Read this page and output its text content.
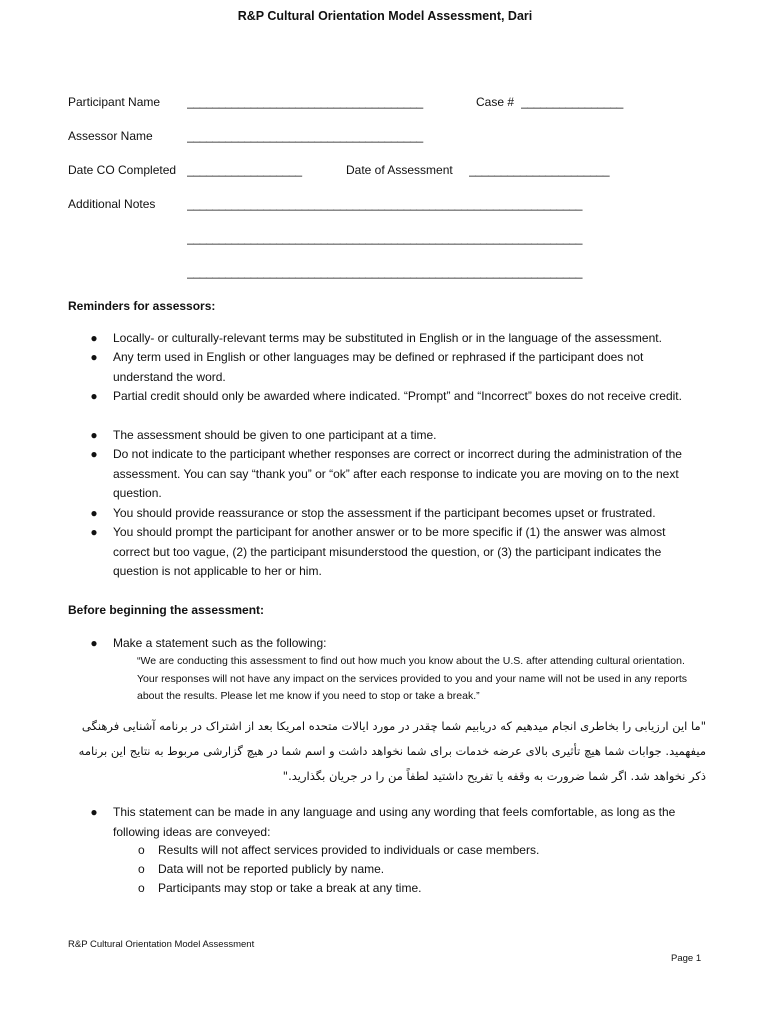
R&P Cultural Orientation Model Assessment, Dari
Participant Name _____________________________________	Case # ________________
Assessor Name	_____________________________________
Date CO Completed __________________	Date of Assessment ______________________
Additional Notes	______________________________________________________________
______________________________________________________________
______________________________________________________________
Reminders for assessors:
● Locally- or culturally-relevant terms may be substituted in English or in the language of the assessment.
● Any term used in English or other languages may be defined or rephrased if the participant does not understand the word.
● Partial credit should only be awarded where indicated. “Prompt” and “Incorrect” boxes do not receive credit.
● The assessment should be given to one participant at a time.
● Do not indicate to the participant whether responses are correct or incorrect during the administration of the assessment. You can say “thank you” or “ok” after each response to indicate you are moving on to the next question.
● You should provide reassurance or stop the assessment if the participant becomes upset or frustrated.
● You should prompt the participant for another answer or to be more specific if (1) the answer was almost correct but too vague, (2) the participant misunderstood the question, or (3) the participant indicates the question is not applicable to her or him.
Before beginning the assessment:
● Make a statement such as the following:
“We are conducting this assessment to find out how much you know about the U.S. after attending cultural orientation. Your responses will not have any impact on the services provided to you and your name will not be used in any reports about the results. Please let me know if you need to stop or take a break.”
"ما این ارزیابی را بخاطری انجام میدهیم که دریابیم شما چقدر در مورد ایالات متحده امریکا بعد از اشتراک در برنامه آشنایی فرهنگی میفهمید. جوابات شما هیچ تأثیری بالای عرضه خدمات برای شما نخواهد داشت و اسم شما در هیچ گزارشی مربوط به نتایج این برنامه ذکر نخواهد شد. اگر شما ضرورت به وقفه یا تفریح داشتید لطفاً من را در جریان بگذارید."
● This statement can be made in any language and using any wording that feels comfortable, as long as the following ideas are conveyed:
o Results will not affect services provided to individuals or case members.
o Data will not be reported publicly by name.
o Participants may stop or take a break at any time.
R&P Cultural Orientation Model Assessment
Page 1
